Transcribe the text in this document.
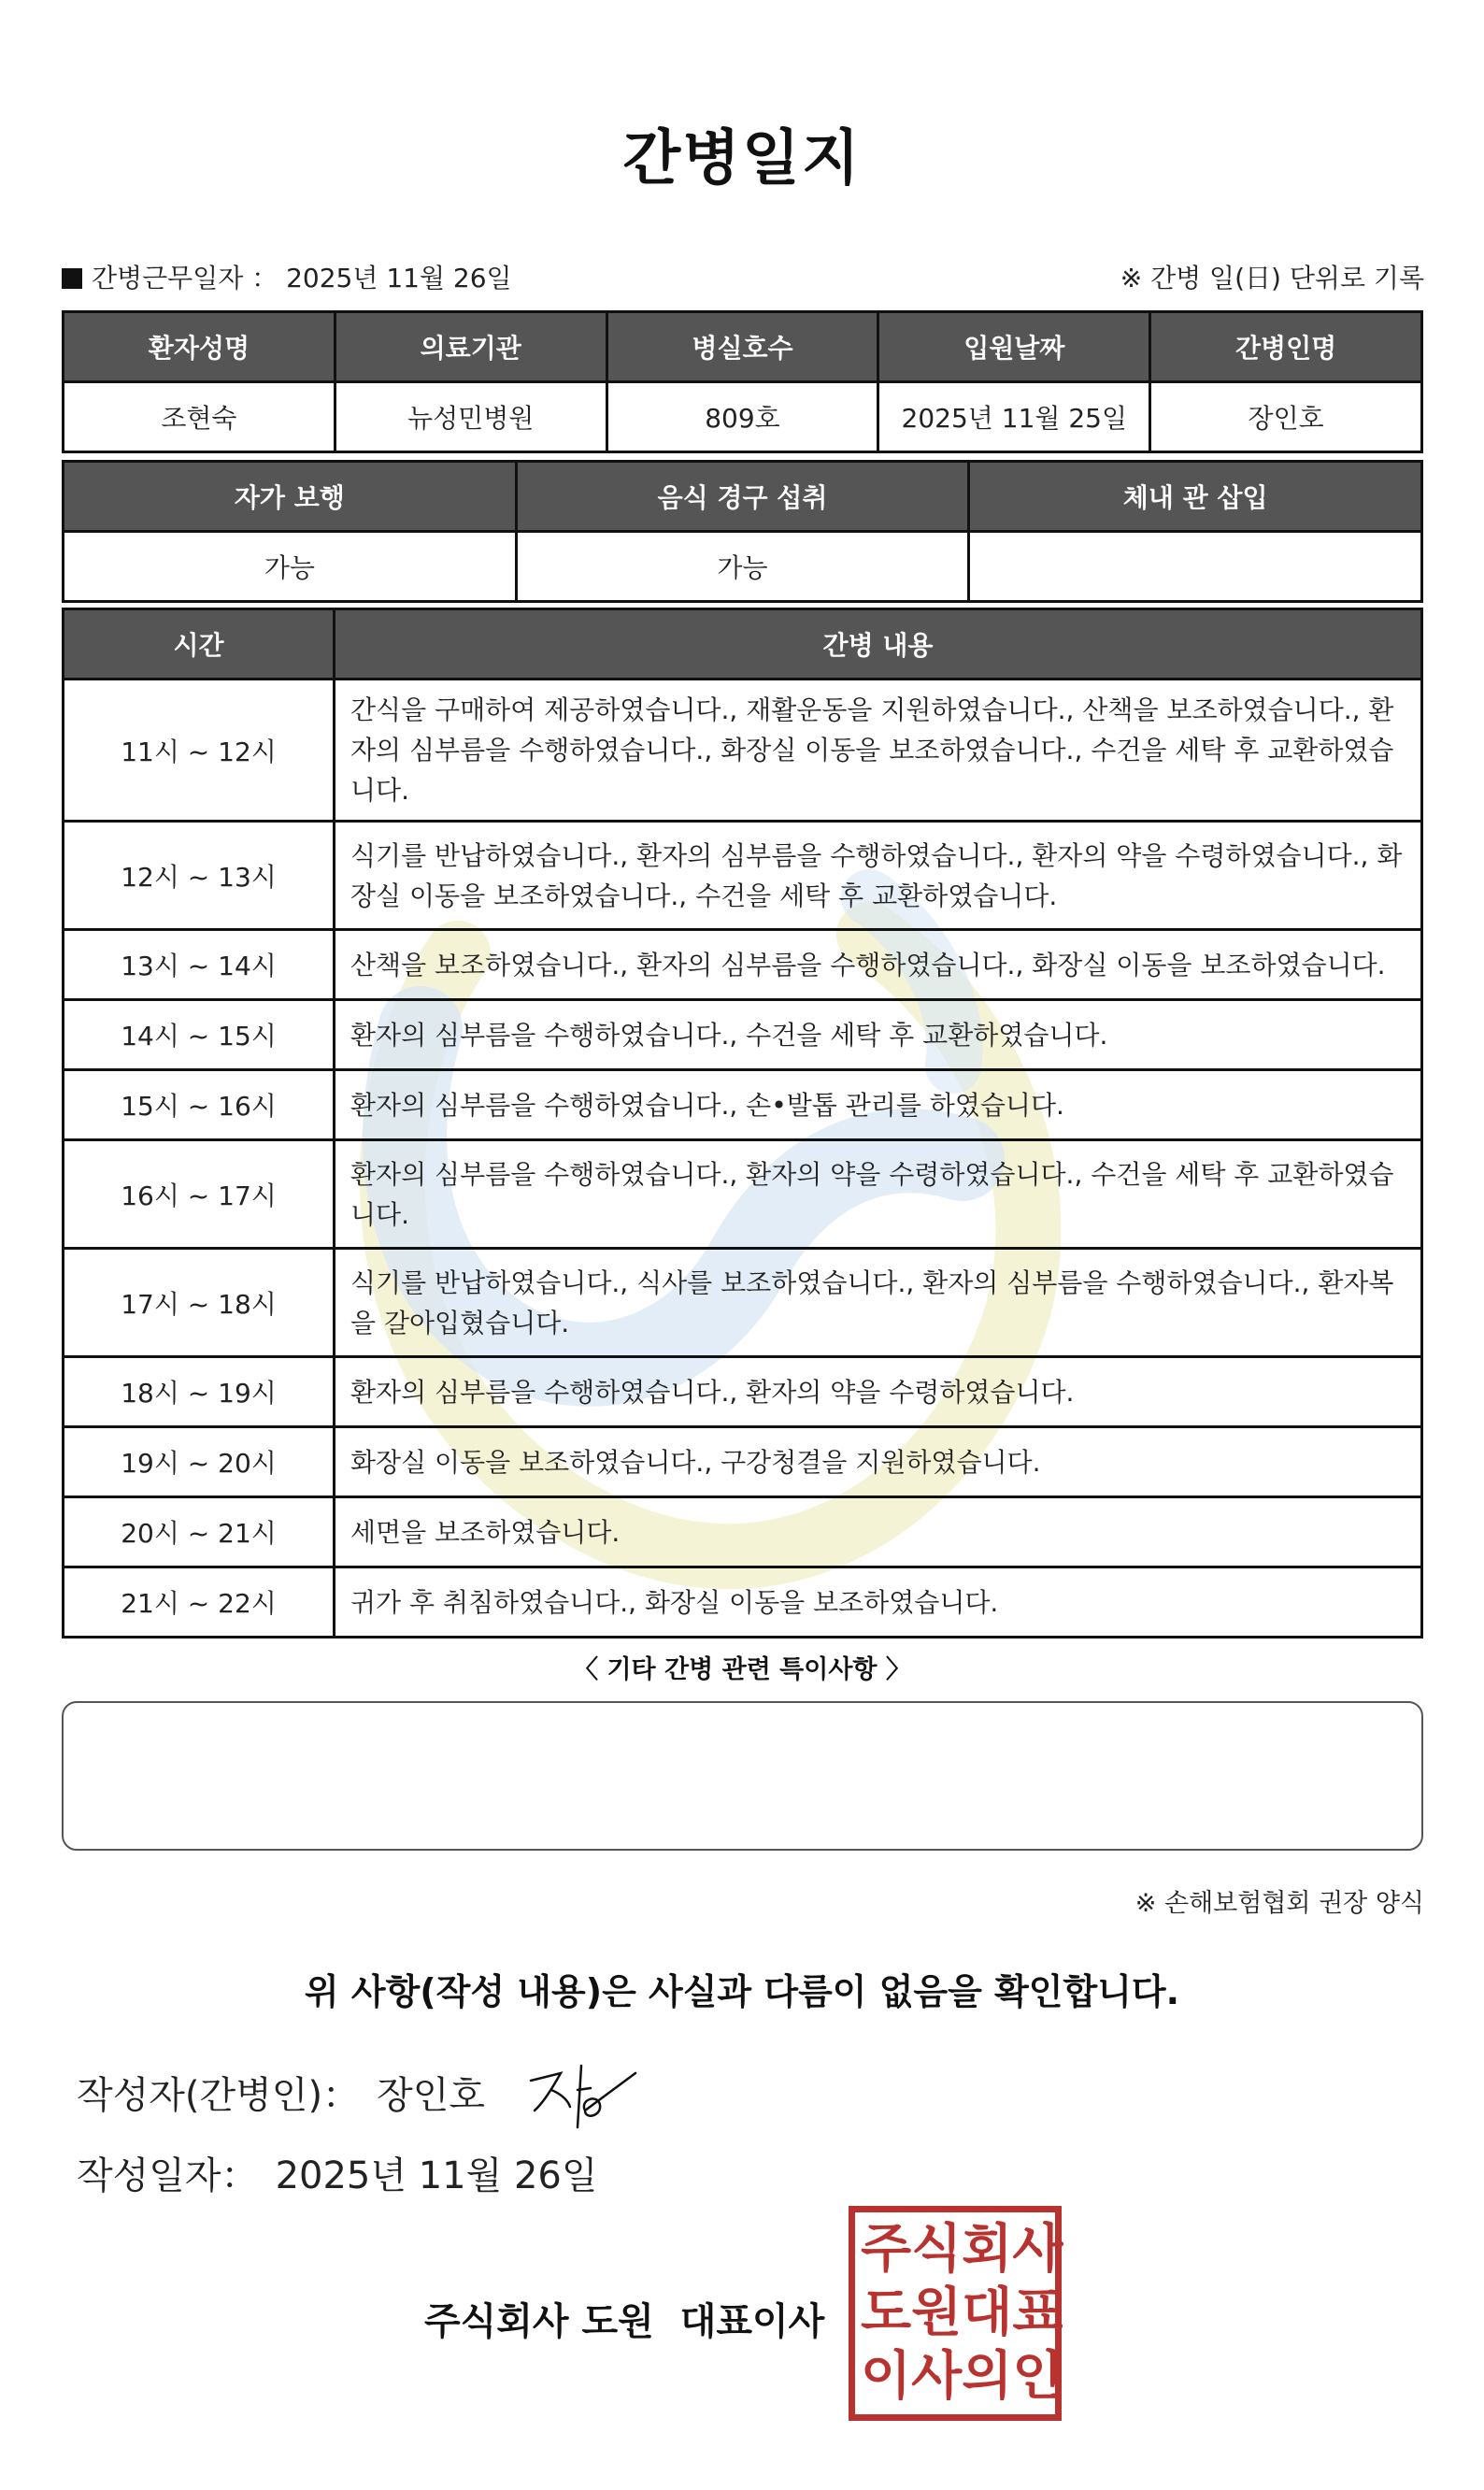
간병일지
간병근무일자 ： 2025년 11월 26일	※ 간병 일(日) 단위로 기록
환자성명	의료기관	병실호수	입원날짜	간병인명
조현숙	뉴성민병원	809호	2025년 11월 25일	장인호
자가 보행	음식 경구 섭취	체내 관 삽입
가능	가능	
시간	간병 내용
11시 ~ 12시	간식을 구매하여 제공하였습니다., 재활운동을 지원하였습니다., 산책을 보조하였습니다., 환자의 심부름을 수행하였습니다., 화장실 이동을 보조하였습니다., 수건을 세탁 후 교환하였습니다.
12시 ~ 13시	식기를 반납하였습니다., 환자의 심부름을 수행하였습니다., 환자의 약을 수령하였습니다., 화장실 이동을 보조하였습니다., 수건을 세탁 후 교환하였습니다.
13시 ~ 14시	산책을 보조하였습니다., 환자의 심부름을 수행하였습니다., 화장실 이동을 보조하였습니다.
14시 ~ 15시	환자의 심부름을 수행하였습니다., 수건을 세탁 후 교환하였습니다.
15시 ~ 16시	환자의 심부름을 수행하였습니다., 손•발톱 관리를 하였습니다.
16시 ~ 17시	환자의 심부름을 수행하였습니다., 환자의 약을 수령하였습니다., 수건을 세탁 후 교환하였습니다.
17시 ~ 18시	식기를 반납하였습니다., 식사를 보조하였습니다., 환자의 심부름을 수행하였습니다., 환자복을 갈아입혔습니다.
18시 ~ 19시	환자의 심부름을 수행하였습니다., 환자의 약을 수령하였습니다.
19시 ~ 20시	화장실 이동을 보조하였습니다., 구강청결을 지원하였습니다.
20시 ~ 21시	세면을 보조하였습니다.
21시 ~ 22시	귀가 후 취침하였습니다., 화장실 이동을 보조하였습니다.
〈 기타 간병 관련 특이사항 〉
※ 손해보험협회 권장 양식
위 사항(작성 내용)은 사실과 다름이 없음을 확인합니다.
작성자(간병인)： 장인호
작성일자： 2025년 11월 26일
주식회사 도원 대표이사
주 식 회 사
도 원 대 표
이 사 의 인
